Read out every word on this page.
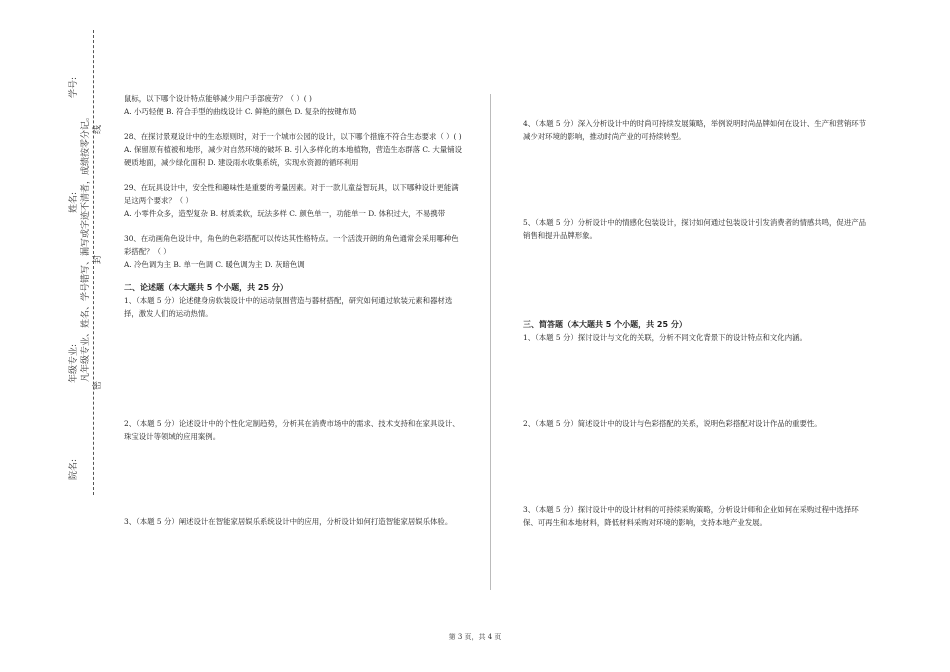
学号:
姓名:
年级专业:
院名:
凡年级专业、姓名、学号错写、漏写或字迹不清者，成绩按零分记。 线
封
密

鼠标，以下哪个设计特点能够减少用户手部疲劳？（ ）( )

A. 小巧轻便 B. 符合手型的曲线设计 C. 鲜艳的颜色 D. 复杂的按键布局

28、在探讨景观设计中的生态原则时，对于一个城市公园的设计，以下哪个措施不符合生态要求（ ）( )

A. 保留原有植被和地形，减少对自然环境的破坏 B. 引入多样化的本地植物，营造生态群落 C. 大量铺设硬质地面，减少绿化面积 D. 建设雨水收集系统，实现水资源的循环利用

29、在玩具设计中，安全性和趣味性是重要的考量因素。对于一款儿童益智玩具，以下哪种设计更能满足这两个要求？（ ）

A. 小零件众多，造型复杂 B. 材质柔软，玩法多样 C. 颜色单一，功能单一 D. 体积过大，不易携带

30、在动画角色设计中，角色的色彩搭配可以传达其性格特点。一个活泼开朗的角色通常会采用哪种色彩搭配？（ ）

A. 冷色调为主 B. 单一色调 C. 暖色调为主 D. 灰暗色调

二、论述题（本大题共 5 个小题，共 25 分）

1、（本题 5 分）论述健身房软装设计中的运动氛围营造与器材搭配，研究如何通过软装元素和器材选择，激发人们的运动热情。

2、（本题 5 分）论述设计中的个性化定制趋势，分析其在消费市场中的需求、技术支持和在家具设计、珠宝设计等领域的应用案例。
3、（本题 5 分）阐述设计在智能家居娱乐系统设计中的应用，分析设计如何打造智能家居娱乐体验。
4、（本题 5 分）深入分析设计中的时尚可持续发展策略，举例说明时尚品牌如何在设计、生产和营销环节减少对环境的影响，推动时尚产业的可持续转型。
5、（本题 5 分）分析设计中的情感化包装设计，探讨如何通过包装设计引发消费者的情感共鸣，促进产品销售和提升品牌形象。
三、简答题（本大题共 5 个小题，共 25 分）
1、（本题 5 分）探讨设计与文化的关联，分析不同文化背景下的设计特点和文化内涵。
2、（本题 5 分）简述设计中的设计与色彩搭配的关系，说明色彩搭配对设计作品的重要性。
3、（本题 5 分）探讨设计中的设计材料的可持续采购策略，分析设计师和企业如何在采购过程中选择环保、可再生和本地材料，降低材料采购对环境的影响，支持本地产业发展。
第 3 页，共 4 页
